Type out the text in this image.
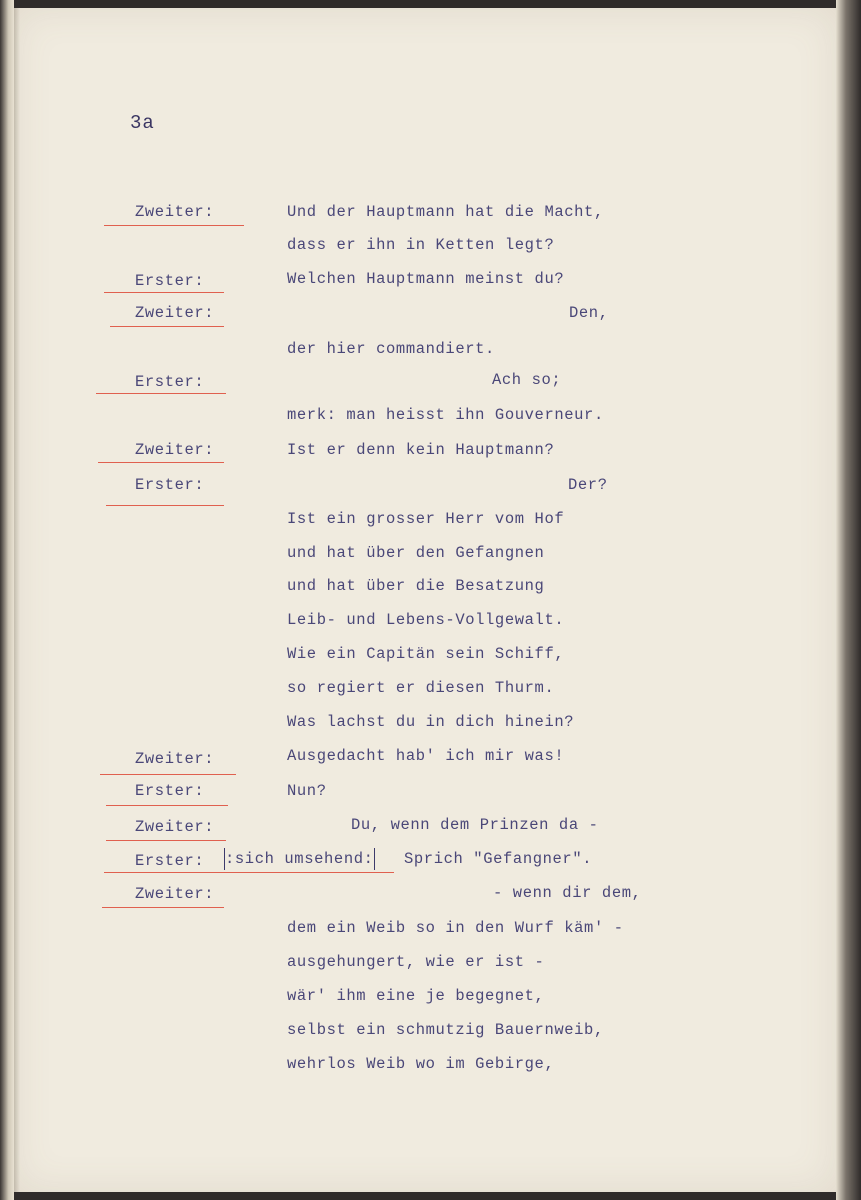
3a
Zweiter:
Erster:
Zweiter:
Erster:
Zweiter:
Erster:
Zweiter:
Erster:
Zweiter:
Erster: :sich umsehend:
Zweiter:
Und der Hauptmann hat die Macht,
dass er ihn in Ketten legt?
Welchen Hauptmann meinst du?
Den,
der hier commandiert.
Ach so;
merk: man heisst ihn Gouverneur.
Ist er denn kein Hauptmann?
Der?
Ist ein grosser Herr vom Hof
und hat über den Gefangnen
und hat über die Besatzung
Leib- und Lebens-Vollgewalt.
Wie ein Capitän sein Schiff,
so regiert er diesen Thurm.
Was lachst du in dich hinein?
Ausgedacht hab' ich mir was!
Nun?
Du, wenn dem Prinzen da -
Sprich "Gefangner".
- wenn dir dem,
dem ein Weib so in den Wurf käm' -
ausgehungert, wie er ist -
wär' ihm eine je begegnet,
selbst ein schmutzig Bauernweib,
wehrlos Weib wo im Gebirge,
